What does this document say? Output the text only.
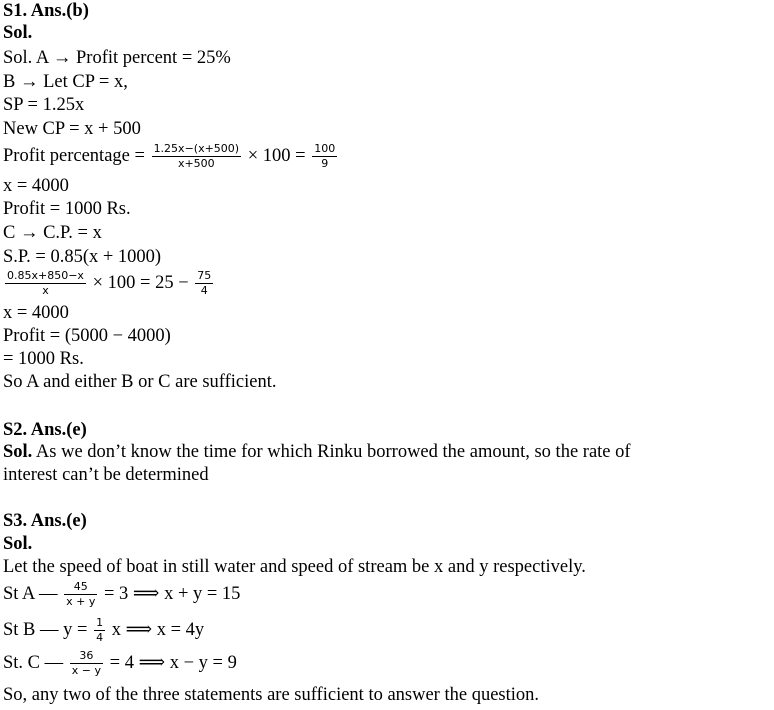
S1. Ans.(b)
Sol.
Sol. A → Profit percent = 25%
B → Let CP = x,
SP = 1.25x
New CP = x + 500
Profit percentage = $\frac{1.25x-(x+500)}{x+500} \times 100 = \frac{100}{9}$
x = 4000
Profit = 1000 Rs.
C → C.P. = x
S.P. = 0.85(x + 1000)
$\frac{0.85x+850-x}{x} \times 100 = 25 - \frac{75}{4}$
x = 4000
Profit = (5000 − 4000)
= 1000 Rs.
So A and either B or C are sufficient.
S2. Ans.(e)
Sol. As we don’t know the time for which Rinku borrowed the amount, so the rate of
interest can’t be determined
S3. Ans.(e)
Sol.
Let the speed of boat in still water and speed of stream be x and y respectively.
St A — $\frac{45}{x + y} = 3$ ⟹ x + y = 15
St B — $y = \frac{1}{4}$ x ⟹ x = 4y
St. C — $\frac{36}{x - y} = 4$ ⟹ x − y = 9
So, any two of the three statements are sufficient to answer the question.
